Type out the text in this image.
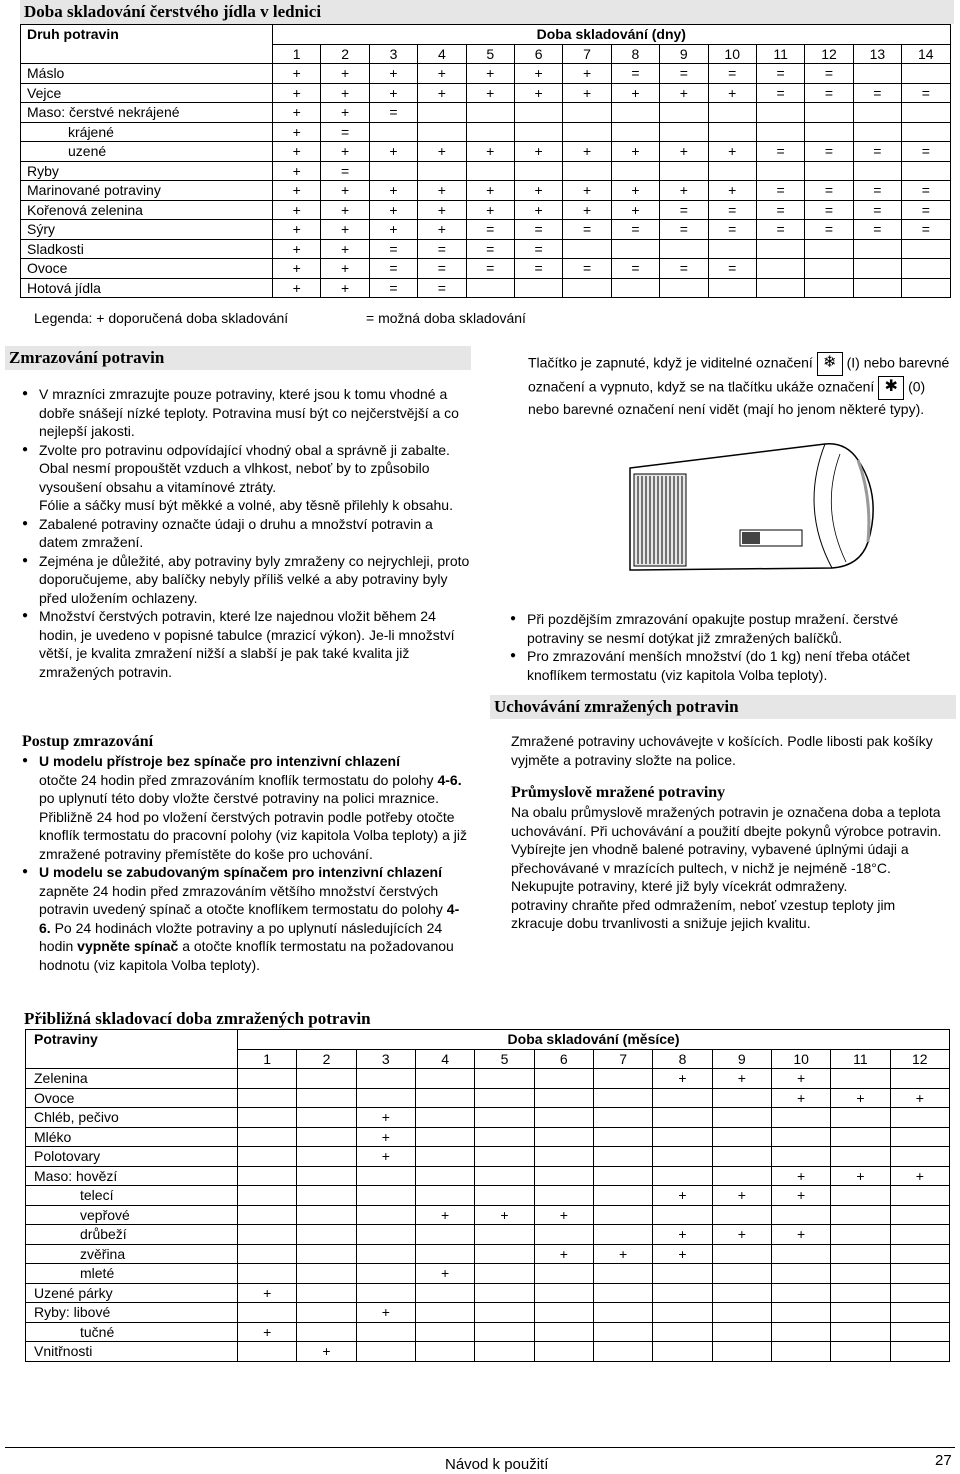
Doba skladování čerstvého jídla v lednici
Druh potravin	Doba skladování (dny)													
	1	2	3	4	5	6	7	8	9	10	11	12	13	14
Máslo	+	+	+	+	+	+	+	=	=	=	=	=		
Vejce	+	+	+	+	+	+	+	+	+	+	=	=	=	=
Maso: čerstvé nekrájené	+	+	=											
krájené	+	=												
uzené	+	+	+	+	+	+	+	+	+	+	=	=	=	=
Ryby	+	=												
Marinované potraviny	+	+	+	+	+	+	+	+	+	+	=	=	=	=
Kořenová zelenina	+	+	+	+	+	+	+	+	=	=	=	=	=	=
Sýry	+	+	+	+	=	=	=	=	=	=	=	=	=	=
Sladkosti	+	+	=	=	=	=								
Ovoce	+	+	=	=	=	=	=	=	=	=				
Hotová jídla	+	+	=	=										
Legenda: + doporučená doba skladování	= možná doba skladování
Zmrazování potravin
● V mrazníci zmrazujte pouze potraviny, které jsou k tomu vhodné a dobře snášejí nízké teploty. Potravina musí být co nejčerstvější a co nejlepší jakosti.
● Zvolte pro potravinu odpovídající vhodný obal a správně ji zabalte.
Obal nesmí propouštět vzduch a vlhkost, neboť by to způsobilo vysoušení obsahu a vitamínové ztráty.
Fólie a sáčky musí být měkké a volné, aby těsně přilehly k obsahu.
● Zabalené potraviny označte údaji o druhu a množství potravin a datem zmražení.
● Zejména je důležité, aby potraviny byly zmraženy co nejrychleji, proto doporučujeme, aby balíčky nebyly příliš velké a aby potraviny byly před uložením ochlazeny.
● Množství čerstvých potravin, které lze najednou vložit během 24 hodin, je uvedeno v popisné tabulce (mrazicí výkon). Je-li množství větší, je kvalita zmražení nižší a slabší je pak také kvalita již zmražených potravin.
Postup zmrazování
● U modelu přístroje bez spínače pro intenzivní chlazení
otočte 24 hodin před zmrazováním knoflík termostatu do polohy 4-6. po uplynutí této doby vložte čerstvé potraviny na polici mraznice. Přibližně 24 hod po vložení čerstvých potravin podle potřeby otočte knoflík termostatu do pracovní polohy (viz kapitola Volba teploty) a již zmražené potraviny přemístěte do koše pro uchování.
● U modelu se zabudovaným spínačem pro intenzivní chlazení zapněte 24 hodin před zmrazováním většího množství čerstvých potravin uvedený spínač a otočte knoflíkem termostatu do polohy 4-6. Po 24 hodinách vložte potraviny a po uplynutí následujících 24 hodin vypněte spínač a otočte knoflík termostatu na požadovanou hodnotu (viz kapitola Volba teploty).
Tlačítko je zapnuté, když je viditelné označení ❄ (I) nebo barevné označení a vypnuto, když se na tlačítku ukáže označení ✱ (0) nebo barevné označení není vidět (mají ho jenom některé typy).
● Při pozdějším zmrazování opakujte postup mražení. čerstvé potraviny se nesmí dotýkat již zmražených balíčků.
● Pro zmrazování menších množství (do 1 kg) není třeba otáčet knoflíkem termostatu (viz kapitola Volba teploty).
Uchovávání zmražených potravin
Zmražené potraviny uchovávejte v košících. Podle libosti pak košíky vyjměte a potraviny složte na police.
Průmyslově mražené potraviny
Na obalu průmyslově mražených potravin je označena doba a teplota uchovávání. Při uchovávání a použití dbejte pokynů výrobce potravin.
Vybírejte jen vhodně balené potraviny, vybavené úplnými údaji a přechovávané v mrazících pultech, v nichž je nejméně -18°C.
Nekupujte potraviny, které již byly vícekrát odmraženy.
potraviny chraňte před odmražením, neboť vzestup teploty jim zkracuje dobu trvanlivosti a snižuje jejich kvalitu.
Přibližná skladovací doba zmražených potravin
Potraviny	Doba skladování (měsíce)											
	1	2	3	4	5	6	7	8	9	10	11	12
Zelenina								+	+	+		
Ovoce										+	+	+
Chléb, pečivo			+									
Mléko			+									
Polotovary			+									
Maso: hovězí										+	+	+
telecí								+	+	+		
vepřové				+	+	+						
drůbeží								+	+	+		
zvěřina						+	+	+				
mleté				+								
Uzené párky	+											
Ryby: libové			+									
tučné	+											
Vnitřnosti		+										
Návod k použití	27
